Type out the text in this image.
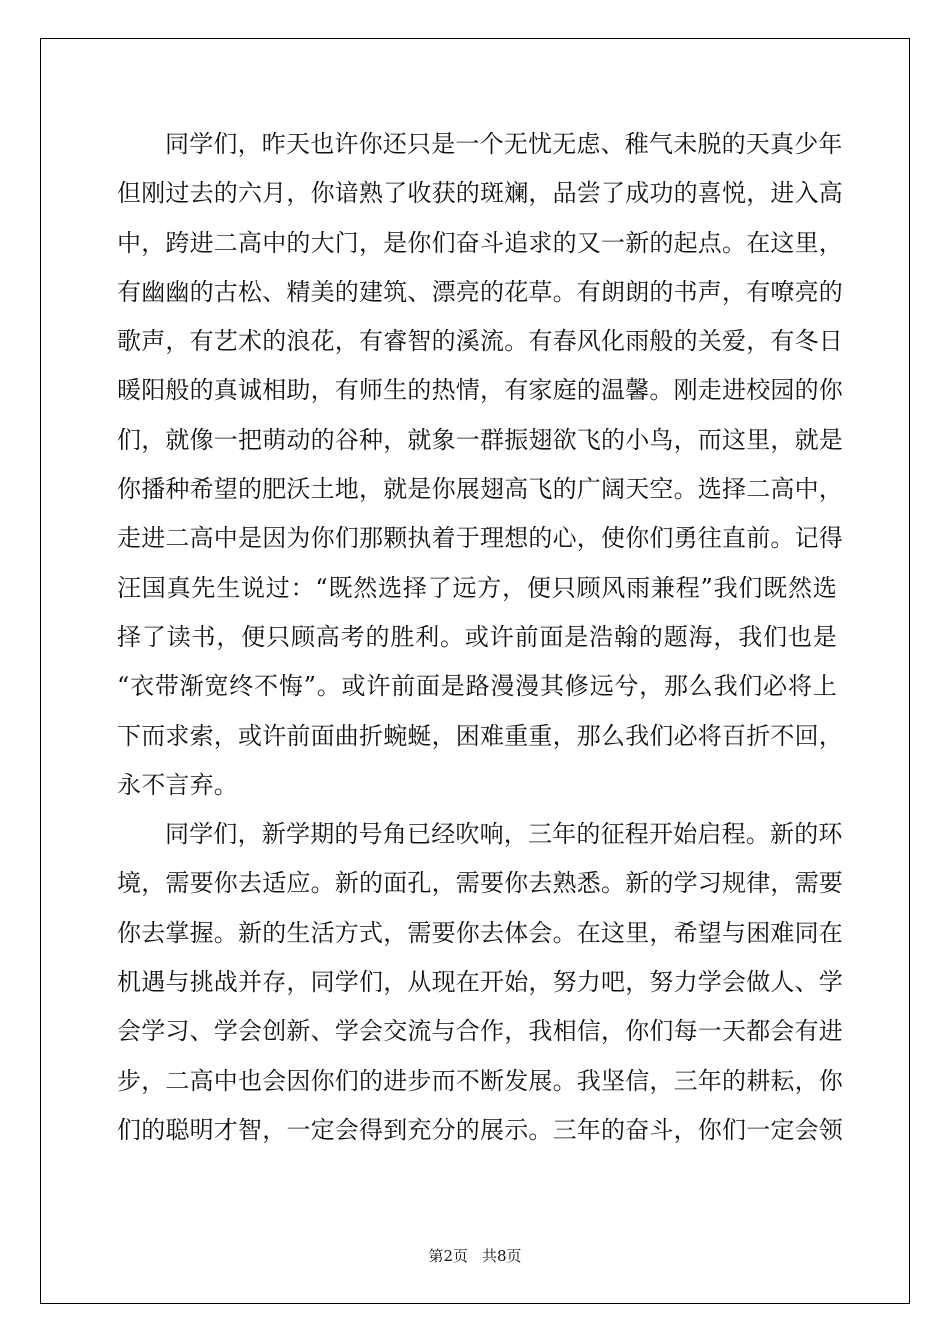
同学们，昨天也许你还只是一个无忧无虑、稚气未脱的天真少年
但刚过去的六月，你谙熟了收获的斑斓，品尝了成功的喜悦，进入高
中，跨进二高中的大门，是你们奋斗追求的又一新的起点。在这里，
有幽幽的古松、精美的建筑、漂亮的花草。有朗朗的书声，有嘹亮的
歌声，有艺术的浪花，有睿智的溪流。有春风化雨般的关爱，有冬日
暖阳般的真诚相助，有师生的热情，有家庭的温馨。刚走进校园的你
们，就像一把萌动的谷种，就象一群振翅欲飞的小鸟，而这里，就是
你播种希望的肥沃土地，就是你展翅高飞的广阔天空。选择二高中，
走进二高中是因为你们那颗执着于理想的心，使你们勇往直前。记得
汪国真先生说过：“既然选择了远方，便只顾风雨兼程”我们既然选
择了读书，便只顾高考的胜利。或许前面是浩翰的题海，我们也是
“衣带渐宽终不悔”。或许前面是路漫漫其修远兮，那么我们必将上
下而求索，或许前面曲折蜿蜒，困难重重，那么我们必将百折不回，
永不言弃。
同学们，新学期的号角已经吹响，三年的征程开始启程。新的环
境，需要你去适应。新的面孔，需要你去熟悉。新的学习规律，需要
你去掌握。新的生活方式，需要你去体会。在这里，希望与困难同在
机遇与挑战并存，同学们，从现在开始，努力吧，努力学会做人、学
会学习、学会创新、学会交流与合作，我相信，你们每一天都会有进
步，二高中也会因你们的进步而不断发展。我坚信，三年的耕耘，你
们的聪明才智，一定会得到充分的展示。三年的奋斗，你们一定会领
第2页 共8页
